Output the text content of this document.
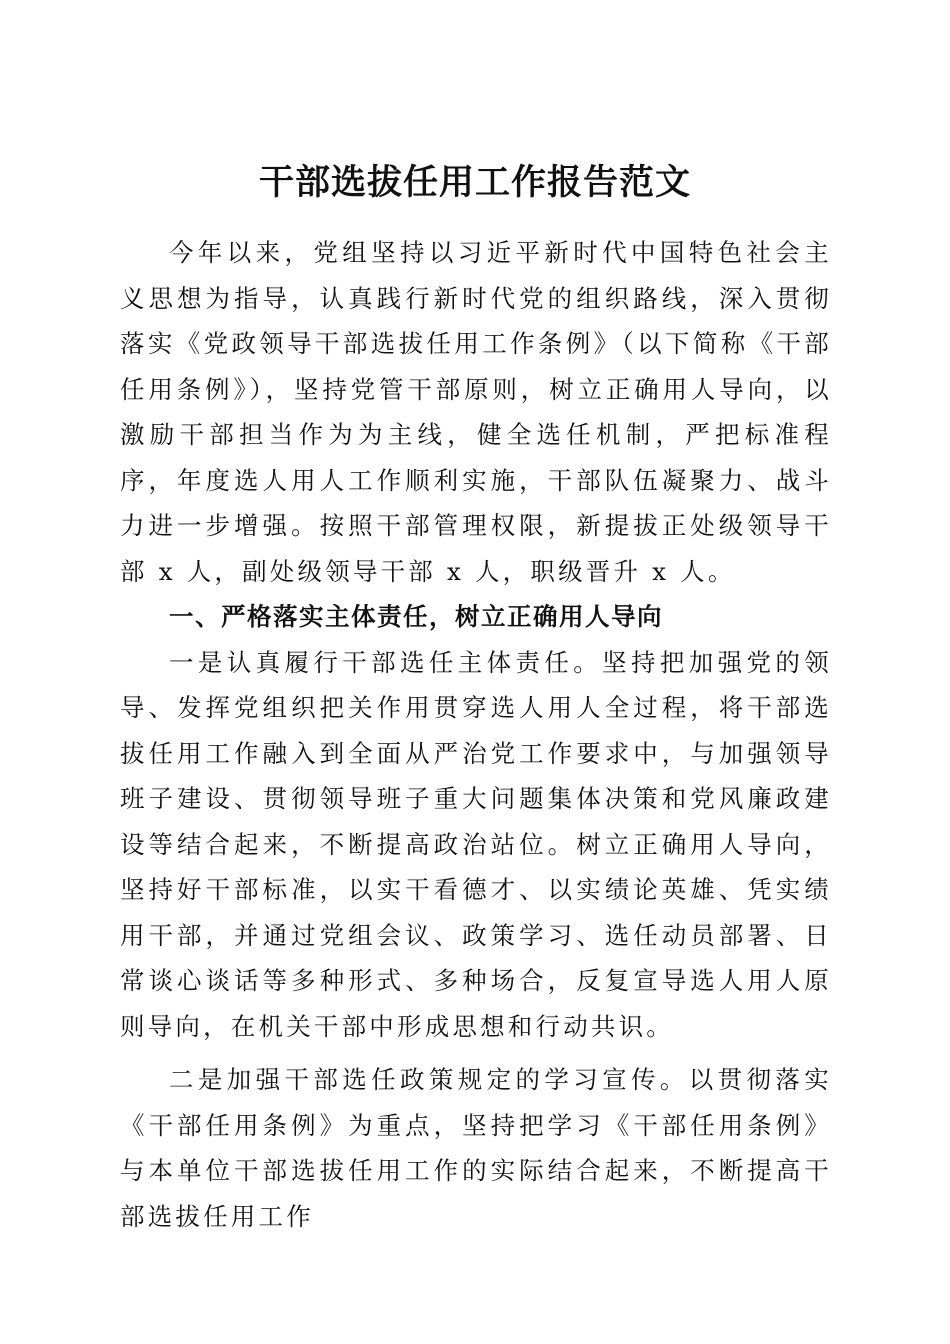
干部选拔任用工作报告范文

今年以来，党组坚持以习近平新时代中国特色社会主义思想为指导，认真践行新时代党的组织路线，深入贯彻落实《党政领导干部选拔任用工作条例》（以下简称《干部任用条例》），坚持党管干部原则，树立正确用人导向，以激励干部担当作为为主线，健全选任机制，严把标准程序，年度选人用人工作顺利实施，干部队伍凝聚力、战斗力进一步增强。按照干部管理权限，新提拔正处级领导干部 x 人，副处级领导干部 x 人，职级晋升 x 人。

一、严格落实主体责任，树立正确用人导向

一是认真履行干部选任主体责任。坚持把加强党的领导、发挥党组织把关作用贯穿选人用人全过程，将干部选拔任用工作融入到全面从严治党工作要求中，与加强领导班子建设、贯彻领导班子重大问题集体决策和党风廉政建设等结合起来，不断提高政治站位。树立正确用人导向，坚持好干部标准，以实干看德才、以实绩论英雄、凭实绩用干部，并通过党组会议、政策学习、选任动员部署、日常谈心谈话等多种形式、多种场合，反复宣导选人用人原则导向，在机关干部中形成思想和行动共识。

二是加强干部选任政策规定的学习宣传。以贯彻落实《干部任用条例》为重点，坚持把学习《干部任用条例》与本单位干部选拔任用工作的实际结合起来，不断提高干部选拔任用工作
